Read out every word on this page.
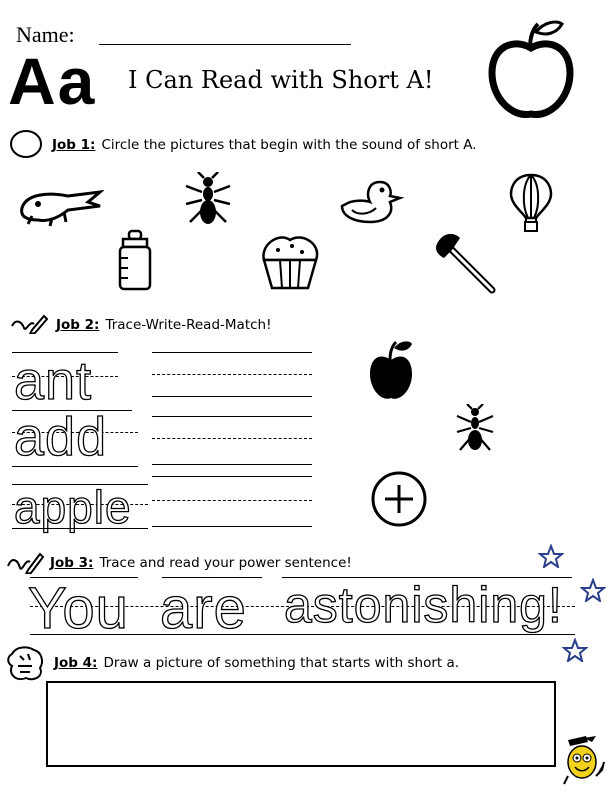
Name:
Aa I Can Read with Short A!
Job 1: Circle the pictures that begin with the sound of short A.
Job 2: Trace-Write-Read-Match!
ant
add
apple
Job 3: Trace and read your power sentence!
You are astonishing!
Job 4: Draw a picture of something that starts with short a.
